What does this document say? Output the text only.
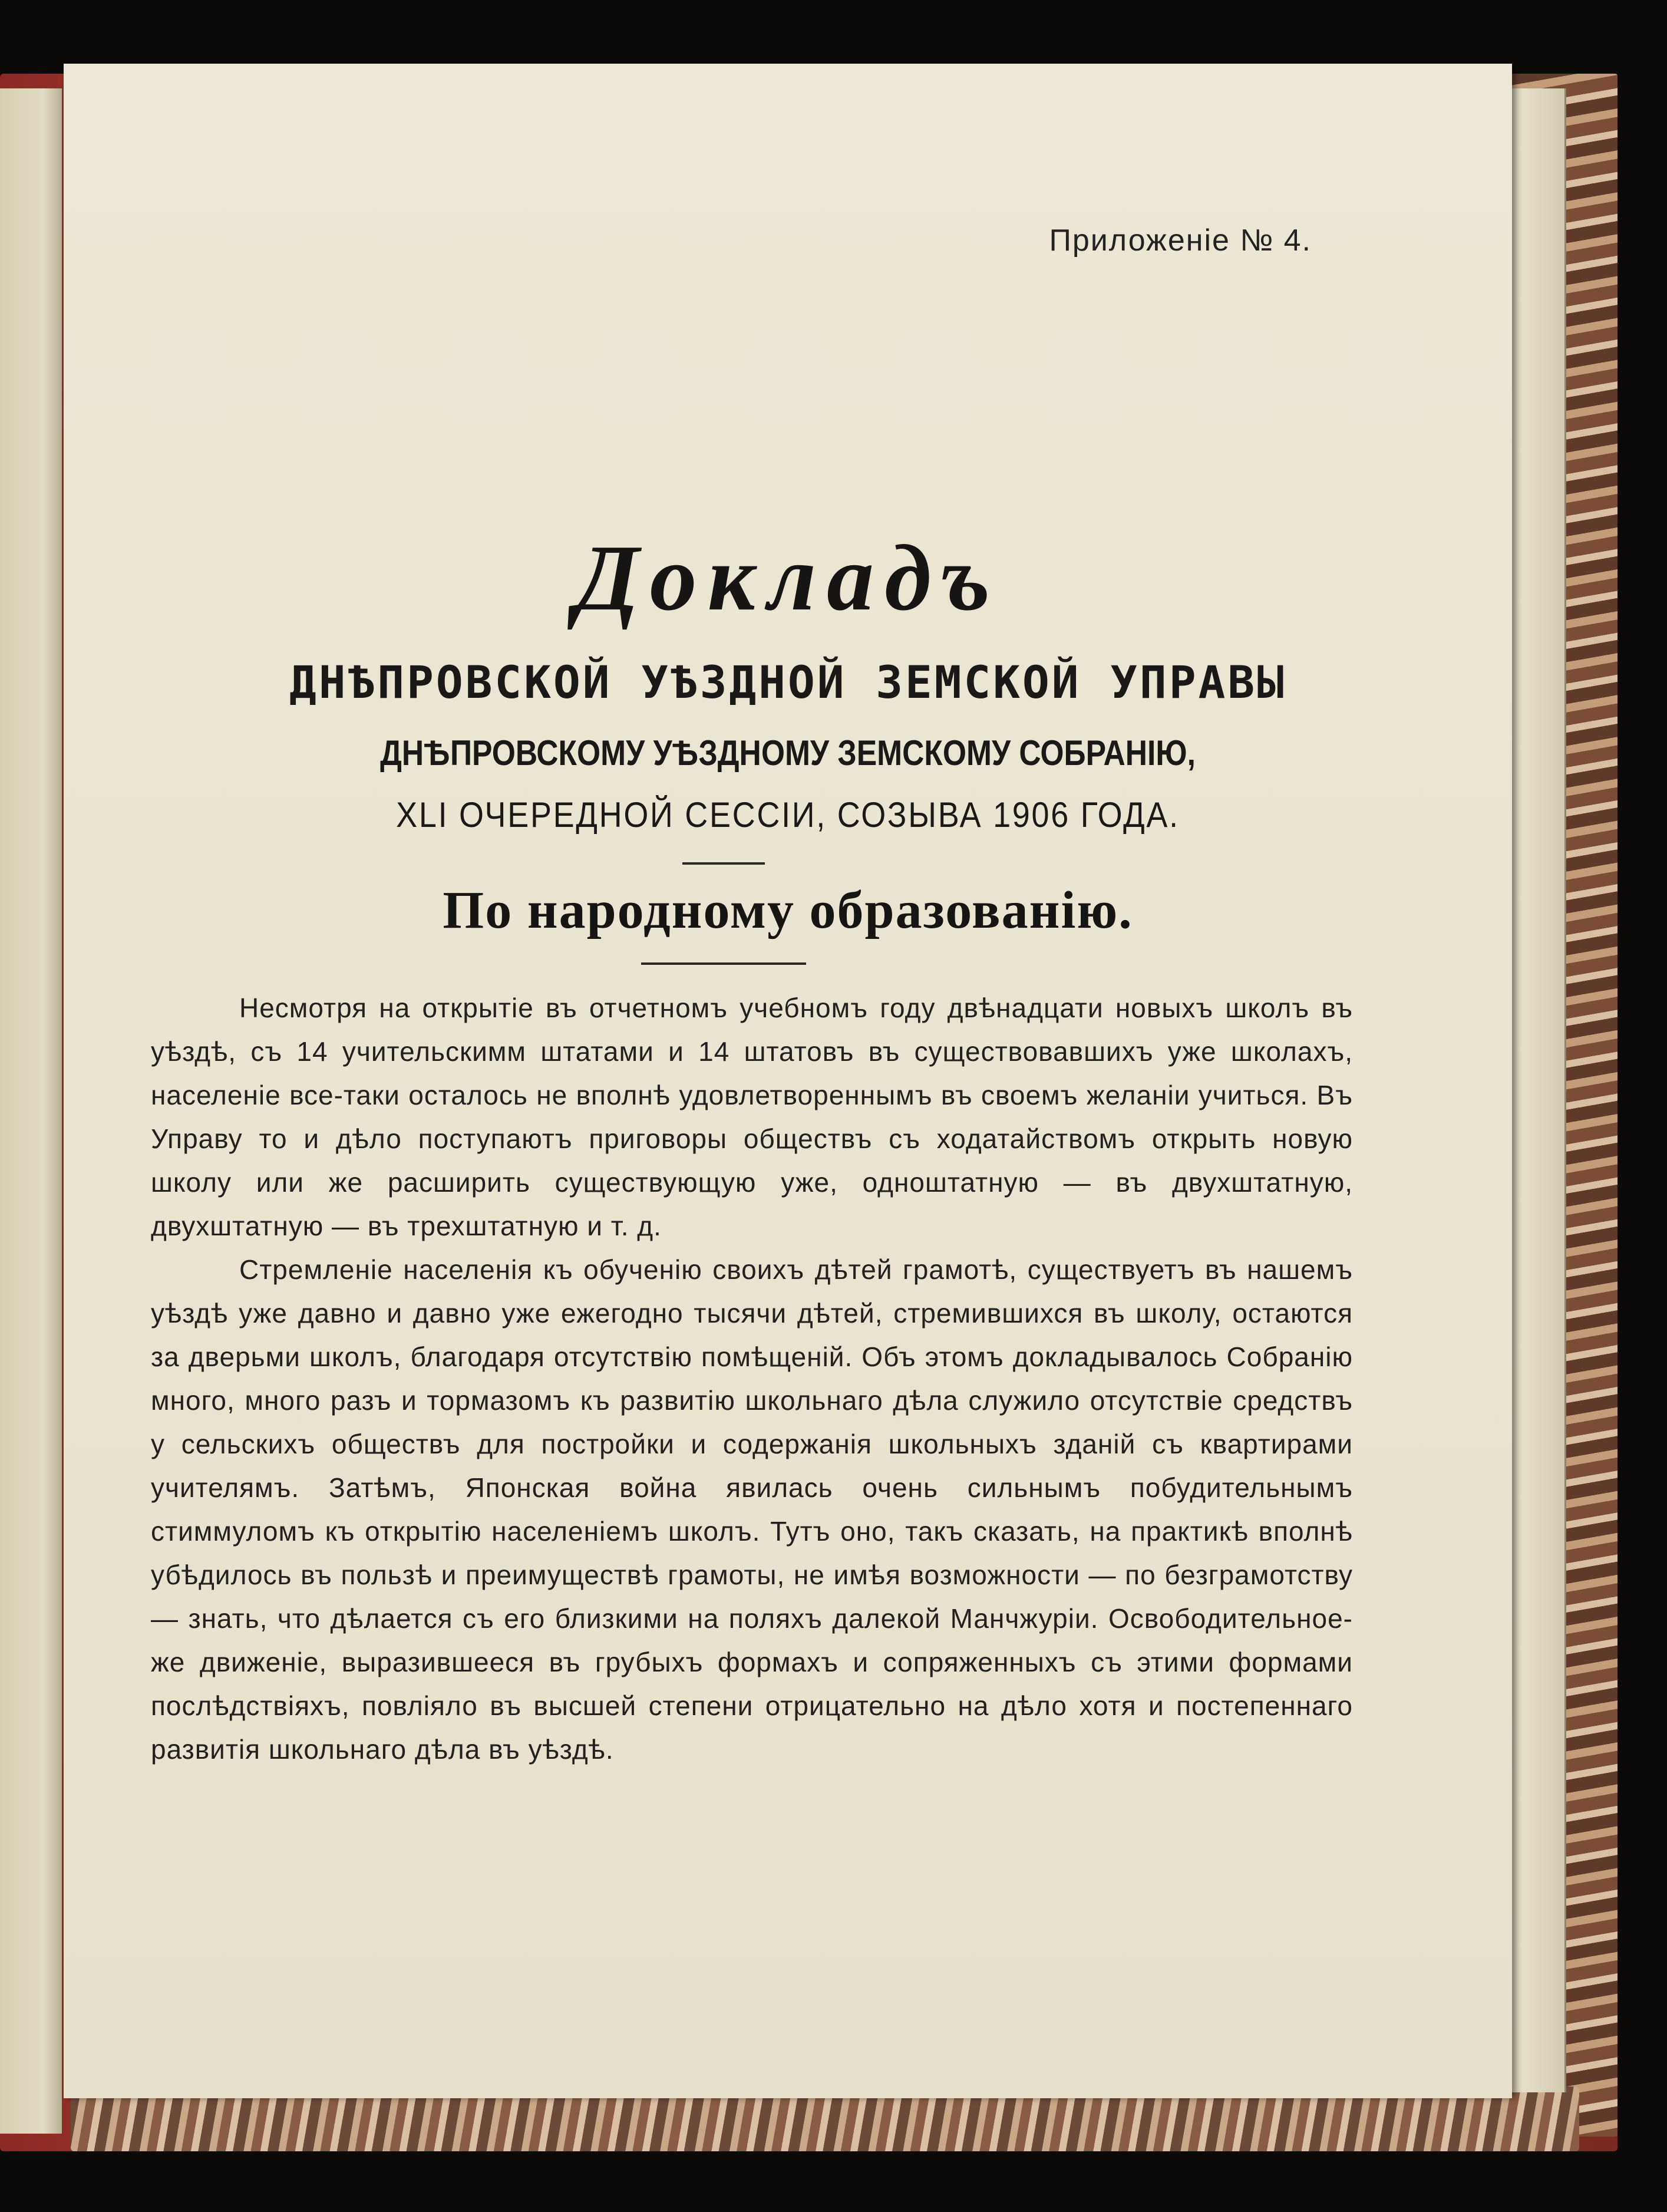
Приложенiе № 4.
Докладъ
ДНѢПРОВСКОЙ УѢЗДНОЙ ЗЕМСКОЙ УПРАВЫ
ДНѢПРОВСКОМУ УѢЗДНОМУ ЗЕМСКОМУ СОБРАНIЮ,
XLI ОЧЕРЕДНОЙ СЕССIИ, СОЗЫВА 1906 ГОДА.
По народному образованiю.

Несмотря на открытiе въ отчетномъ учебномъ году двѣнадцати новыхъ школъ въ уѣздѣ, съ 14 учительскимм штатами и 14 штатовъ въ существовавшихъ уже школахъ, населенiе все-таки осталось не вполнѣ удовлетвореннымъ въ своемъ желанiи учиться. Въ Управу то и дѣло поступаютъ приговоры обществъ съ ходатайствомъ открыть новую школу или же расширить существующую уже, одноштатную — въ двухштатную, двухштатную — въ трехштатную и т. д.

Стремленiе населенiя къ обученiю своихъ дѣтей грамотѣ, существуетъ въ нашемъ уѣздѣ уже давно и давно уже ежегодно тысячи дѣтей, стремившихся въ школу, остаются за дверьми школъ, благодаря отсутствiю помѣщенiй. Объ этомъ докладывалось Собранiю много, много разъ и тормазомъ къ развитiю школьнаго дѣла служило отсутствiе средствъ у сельскихъ обществъ для постройки и содержанiя школьныхъ зданiй съ квартирами учителямъ. Затѣмъ, Японская война явилась очень сильнымъ побудительнымъ стиммуломъ къ открытiю населенiемъ школъ. Тутъ оно, такъ сказать, на практикѣ вполнѣ убѣдилось въ пользѣ и преимуществѣ грамоты, не имѣя возможности — по безграмотству — знать, что дѣлается съ его близкими на поляхъ далекой Манчжурiи. Освободительное-же движенiе, выразившееся въ грубыхъ формахъ и сопряженныхъ съ этими формами послѣдствiяхъ, повлiяло въ высшей степени отрицательно на дѣло хотя и постепеннаго развитiя школьнаго дѣла въ уѣздѣ.
